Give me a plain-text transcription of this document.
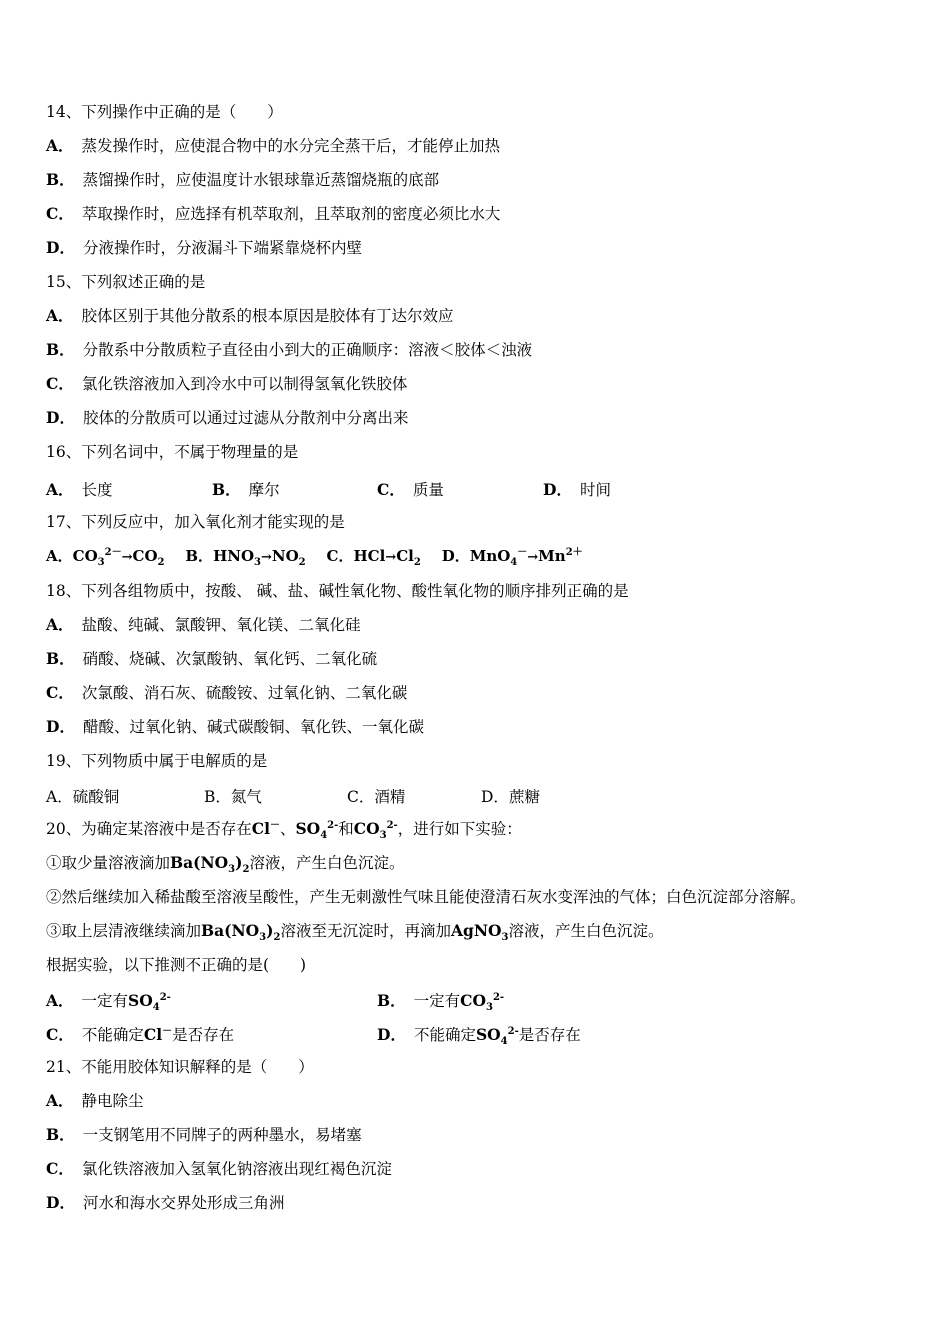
14、下列操作中正确的是（　　）
A． 蒸发操作时，应使混合物中的水分完全蒸干后，才能停止加热
B． 蒸馏操作时，应使温度计水银球靠近蒸馏烧瓶的底部
C． 萃取操作时，应选择有机萃取剂，且萃取剂的密度必须比水大
D． 分液操作时，分液漏斗下端紧靠烧杯内壁
15、下列叙述正确的是
A． 胶体区别于其他分散系的根本原因是胶体有丁达尔效应
B． 分散系中分散质粒子直径由小到大的正确顺序：溶液＜胶体＜浊液
C． 氯化铁溶液加入到冷水中可以制得氢氧化铁胶体
D． 胶体的分散质可以通过过滤从分散剂中分离出来
16、下列名词中，不属于物理量的是
A． 长度	B． 摩尔	C． 质量	D． 时间
17、下列反应中，加入氧化剂才能实现的是
A．$CO_3^{2-}\to CO_2$ B．$HNO_3\to NO_2$ C．$HCl\to Cl_2$ D．$MnO_4^-\to Mn^{2+}$
18、下列各组物质中，按酸、 碱、盐、碱性氧化物、酸性氧化物的顺序排列正确的是
A． 盐酸、纯碱、氯酸钾、氧化镁、二氧化硅
B． 硝酸、烧碱、次氯酸钠、氧化钙、二氧化硫
C． 次氯酸、消石灰、硫酸铵、过氧化钠、二氧化碳
D． 醋酸、过氧化钠、碱式碳酸铜、氧化铁、一氧化碳
19、下列物质中属于电解质的是
A．硫酸铜	B．氮气	C．酒精	D．蔗糖
20、为确定某溶液中是否存在Cl－、$SO_4^{2-}$和$CO_3^{2-}$，进行如下实验：
①取少量溶液滴加$Ba(NO_3)_2$溶液，产生白色沉淀。
②然后继续加入稀盐酸至溶液呈酸性，产生无刺激性气味且能使澄清石灰水变浑浊的气体；白色沉淀部分溶解。
③取上层清液继续滴加$Ba(NO_3)_2$溶液至无沉淀时，再滴加AgNO$_3$溶液，产生白色沉淀。
根据实验，以下推测不正确的是(　　)
A． 一定有$SO_4^{2-}$	B． 一定有$CO_3^{2-}$
C． 不能确定Cl－是否存在	D． 不能确定$SO_4^{2-}$是否存在
21、不能用胶体知识解释的是（　　）
A． 静电除尘
B． 一支钢笔用不同牌子的两种墨水，易堵塞
C． 氯化铁溶液加入氢氧化钠溶液出现红褐色沉淀
D． 河水和海水交界处形成三角洲
